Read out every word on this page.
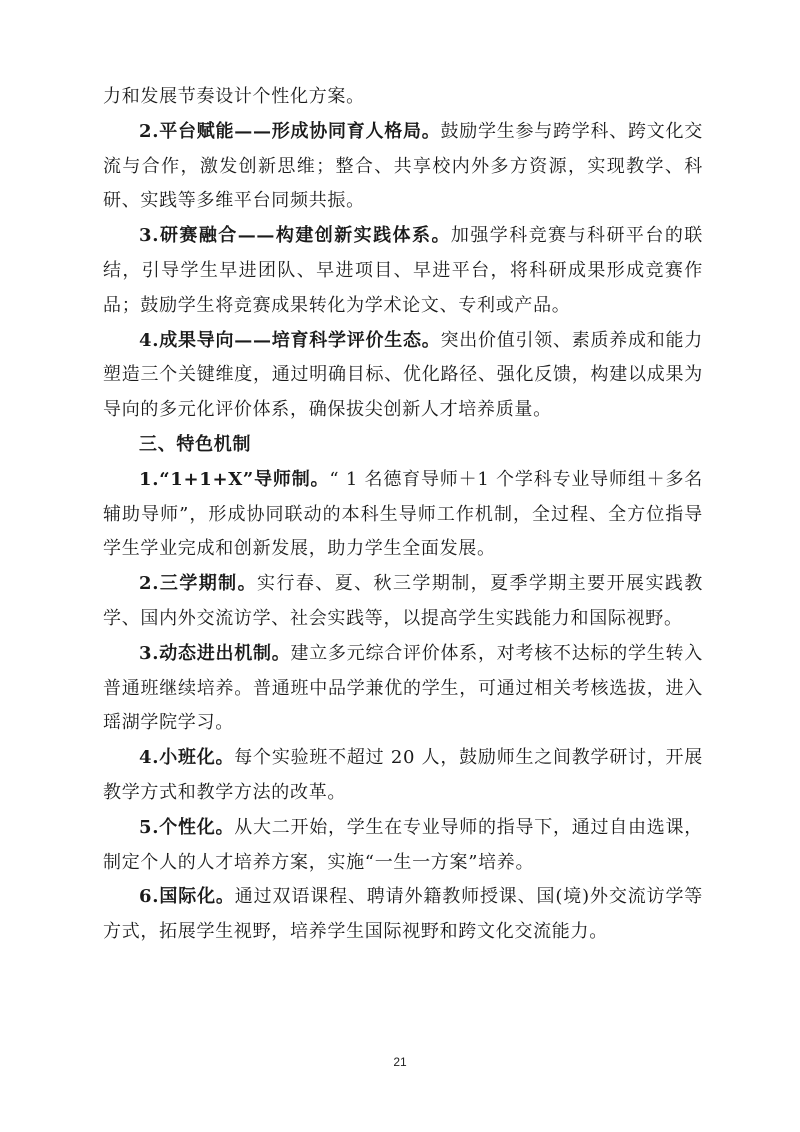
力和发展节奏设计个性化方案。

2.平台赋能——形成协同育人格局。鼓励学生参与跨学科、跨文化交流与合作，激发创新思维；整合、共享校内外多方资源，实现教学、科研、实践等多维平台同频共振。

3.研赛融合——构建创新实践体系。加强学科竞赛与科研平台的联结，引导学生早进团队、早进项目、早进平台，将科研成果形成竞赛作品；鼓励学生将竞赛成果转化为学术论文、专利或产品。

4.成果导向——培育科学评价生态。突出价值引领、素质养成和能力塑造三个关键维度，通过明确目标、优化路径、强化反馈，构建以成果为导向的多元化评价体系，确保拔尖创新人才培养质量。

三、特色机制

1.“1+1+X”导师制。“ 1 名德育导师＋1 个学科专业导师组＋多名辅助导师”，形成协同联动的本科生导师工作机制，全过程、全方位指导学生学业完成和创新发展，助力学生全面发展。

2.三学期制。实行春、夏、秋三学期制，夏季学期主要开展实践教学、国内外交流访学、社会实践等，以提高学生实践能力和国际视野。

3.动态进出机制。建立多元综合评价体系，对考核不达标的学生转入普通班继续培养。普通班中品学兼优的学生，可通过相关考核选拔，进入瑶湖学院学习。

4.小班化。每个实验班不超过 20 人，鼓励师生之间教学研讨，开展教学方式和教学方法的改革。

5.个性化。从大二开始，学生在专业导师的指导下，通过自由选课，制定个人的人才培养方案，实施“一生一方案”培养。

6.国际化。通过双语课程、聘请外籍教师授课、国(境)外交流访学等方式，拓展学生视野，培养学生国际视野和跨文化交流能力。

21
